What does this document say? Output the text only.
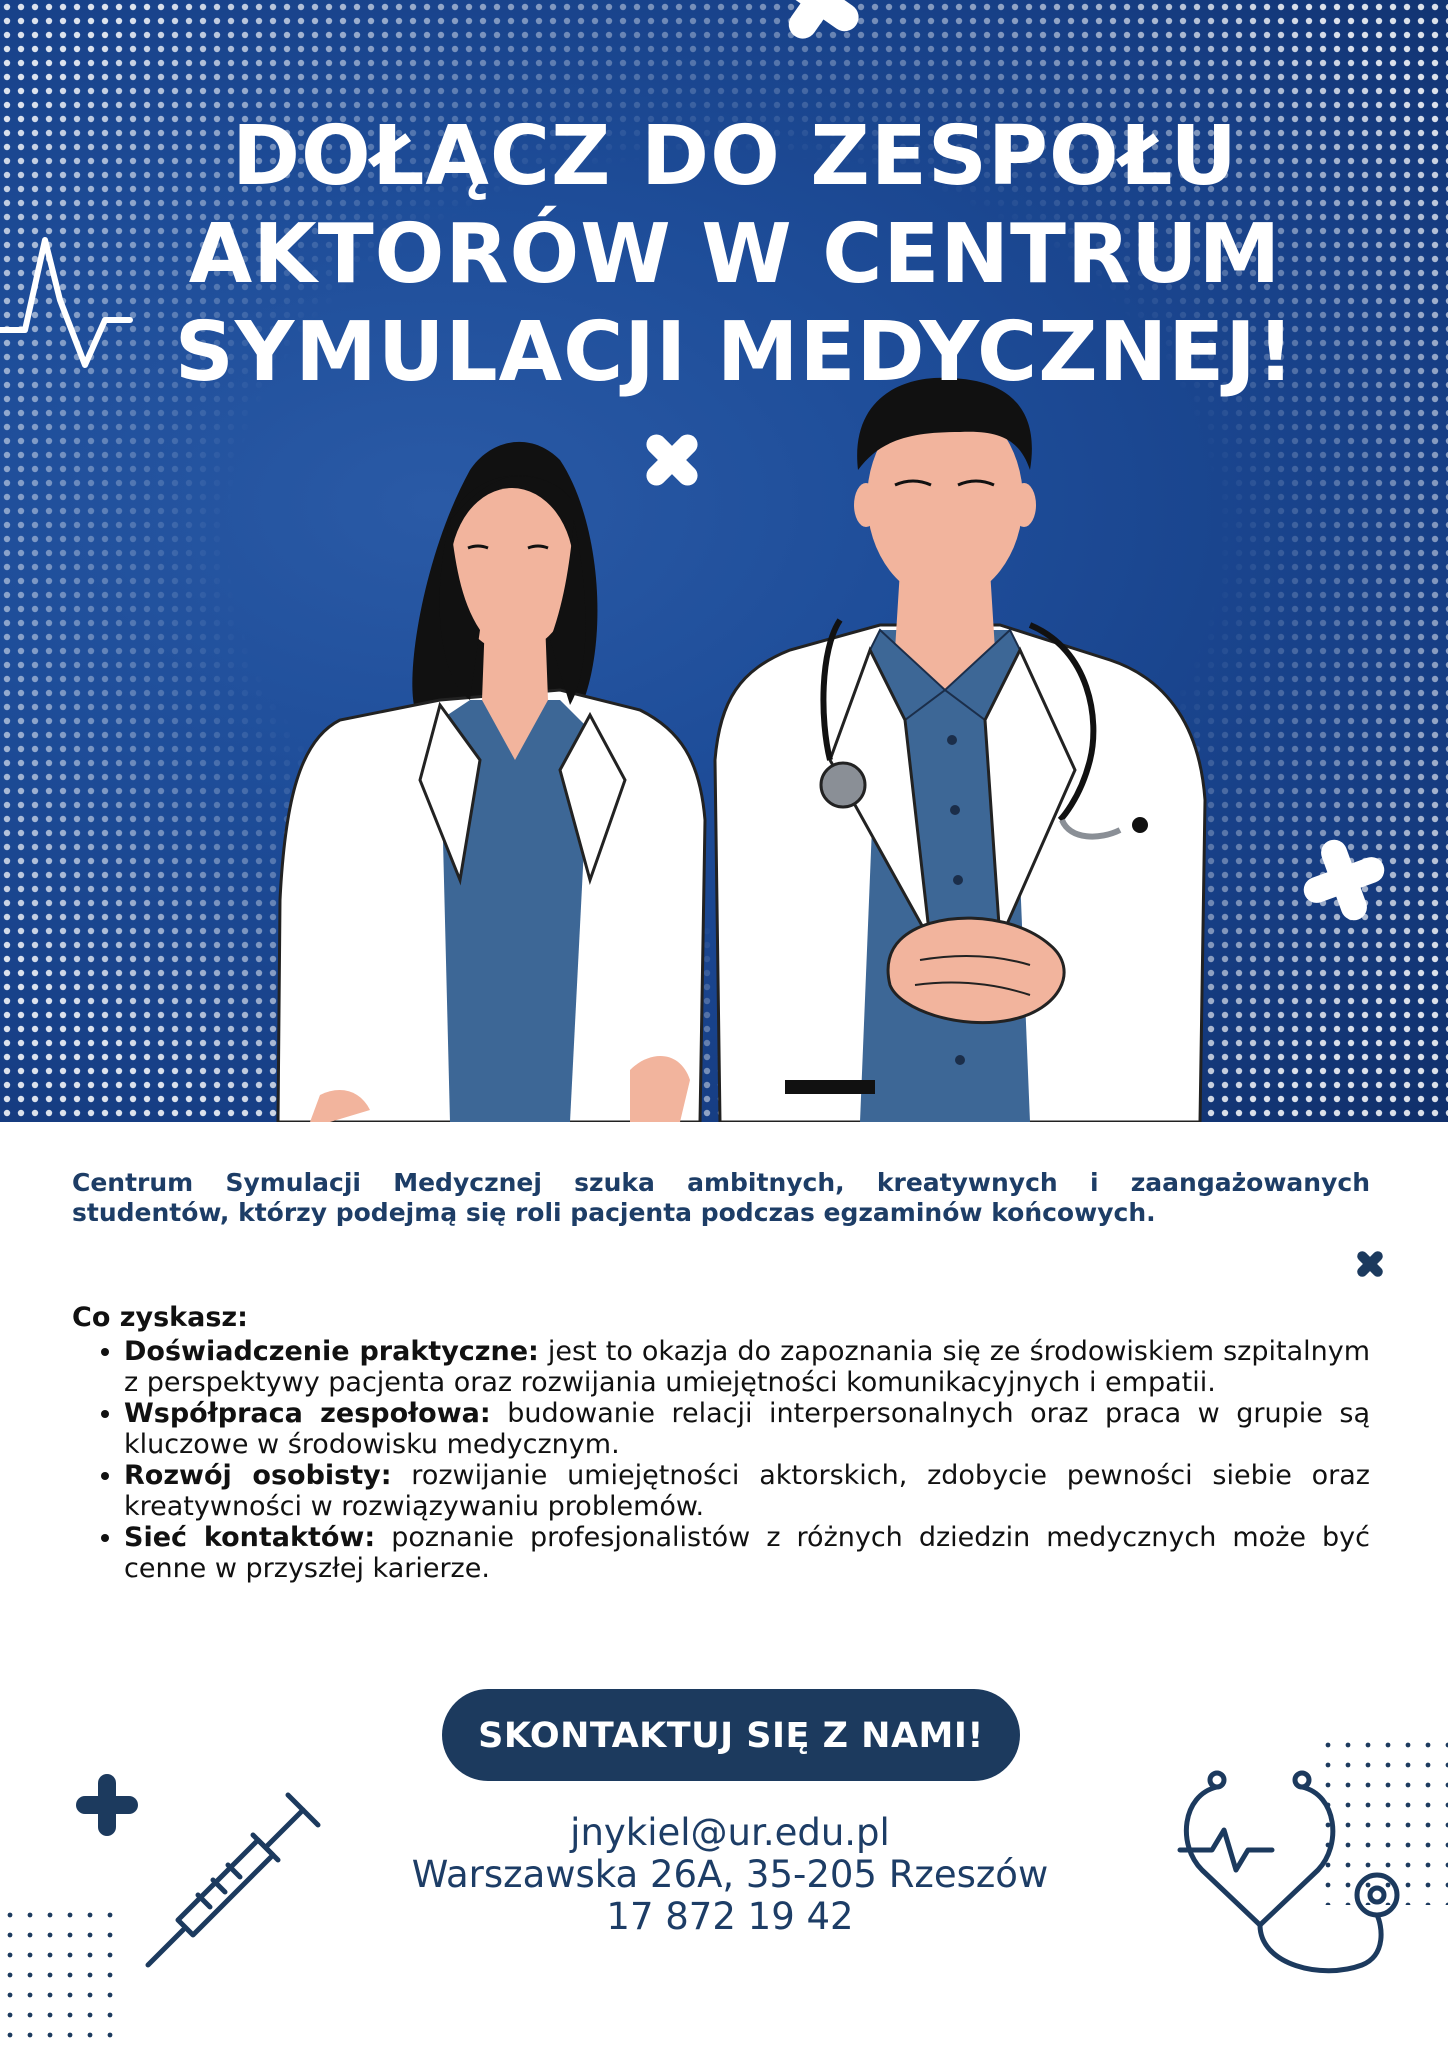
DOŁĄCZ DO ZESPOŁU
AKTORÓW W CENTRUM
SYMULACJI MEDYCZNEJ!

Centrum Symulacji Medycznej szuka ambitnych, kreatywnych i zaangażowanych studentów, którzy podejmą się roli pacjenta podczas egzaminów końcowych.

Co zyskasz:
• Doświadczenie praktyczne: jest to okazja do zapoznania się ze środowiskiem szpitalnym z perspektywy pacjenta oraz rozwijania umiejętności komunikacyjnych i empatii.
• Współpraca zespołowa: budowanie relacji interpersonalnych oraz praca w grupie są kluczowe w środowisku medycznym.
• Rozwój osobisty: rozwijanie umiejętności aktorskich, zdobycie pewności siebie oraz kreatywności w rozwiązywaniu problemów.
• Sieć kontaktów: poznanie profesjonalistów z różnych dziedzin medycznych może być cenne w przyszłej karierze.
SKONTAKTUJ SIĘ Z NAMI!
jnykiel@ur.edu.pl
Warszawska 26A, 35-205 Rzeszów
17 872 19 42
